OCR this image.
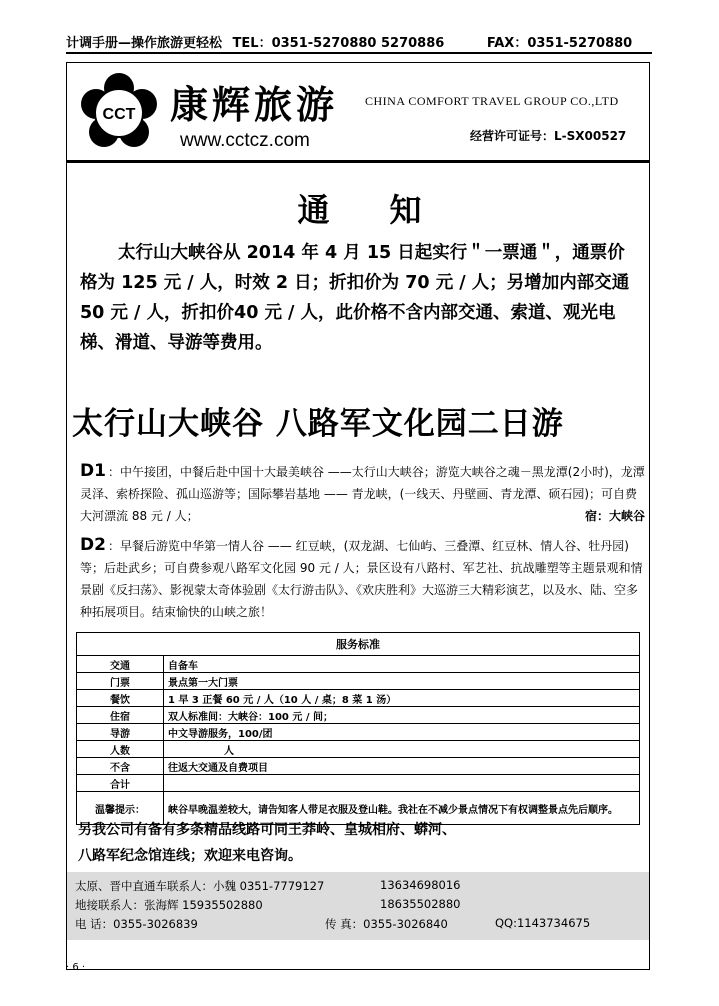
计调手册—操作旅游更轻松 TEL：0351-5270880 5270886	FAX：0351-5270880
CCT 康辉旅游 CHINA COMFORT TRAVEL GROUP CO.,LTD
www.cctcz.com	经营许可证号：L-SX00527
通知

太行山大峡谷从 2014 年 4 月 15 日起实行＂一票通＂，通票价格为 125 元 / 人，时效 2 日；折扣价为 70 元 / 人；另增加内部交通 50 元 / 人，折扣价40 元 / 人，此价格不含内部交通、索道、观光电梯、滑道、导游等费用。

太行山大峡谷 八路军文化园二日游
D1 ：中午接团，中餐后赴中国十大最美峡谷 ——太行山大峡谷；游览大峡谷之魂－黑龙潭(2小时)，龙潭灵泽、索桥探险、孤山巡游等；国际攀岩基地 —— 青龙峡，(一线天、丹壁画、青龙潭、硕石园)；可自费大河漂流 88 元 / 人；	宿：大峡谷
D2 ：早餐后游览中华第一情人谷 —— 红豆峡，(双龙湖、七仙屿、三叠潭、红豆林、情人谷、牡丹园)等；后赴武乡；可自费参观八路军文化园 90 元 / 人；景区设有八路村、军艺社、抗战雕塑等主题景观和情景剧《反扫荡》、影视蒙太奇体验剧《太行游击队》、《欢庆胜利》大巡游三大精彩演艺，以及水、陆、空多种拓展项目。结束愉快的山峡之旅！
服务标准	
交通	自备车
门票	景点第一大门票
餐饮	1 早 3 正餐 60 元 / 人（10 人 / 桌；8 菜 1 汤）
住宿	双人标准间：大峡谷：100 元 / 间；
导游	中文导游服务，100/团
人数	人
不含	往返大交通及自费项目
合计	
温馨提示：	峡谷早晚温差较大，请告知客人带足衣服及登山鞋。我社在不减少景点情况下有权调整景点先后顺序。
另我公司有备有多条精品线路可同王莽岭、皇城相府、蟒河、
八路军纪念馆连线；欢迎来电咨询。
太原、晋中直通车联系人：小魏 0351-7779127	13634698016
地接联系人：张海辉 15935502880	18635502880
电 话：0355-3026839	传 真：0355-3026840	QQ:1143734675
· 6 ·
